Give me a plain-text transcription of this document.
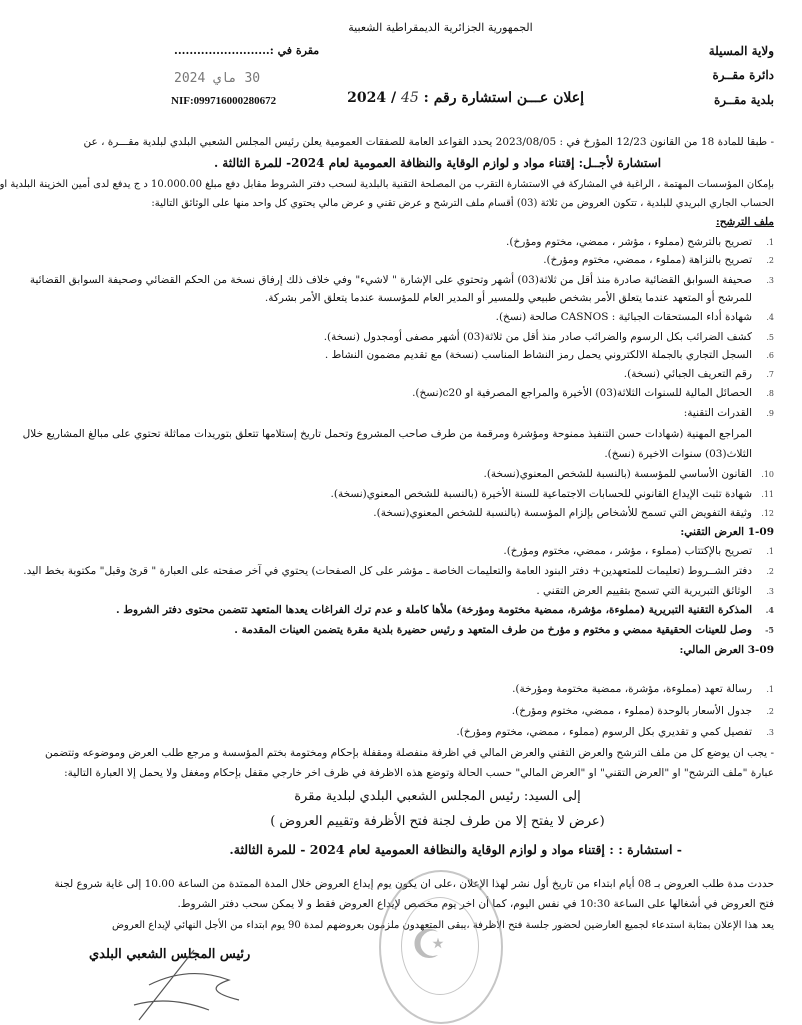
الجمهورية الجزائرية الديمقراطية الشعبية
ولاية المسيلة
دائرة مقــرة
بلدية مقــرة
مقرة في :.........................
30 ماي 2024
NIF:099716000280672	إعلان عـــن استشارة رقم : 45 / 2024
- طبقا للمادة 18 من القانون 12/23 المؤرخ في : 2023/08/05 يحدد القواعد العامة للصفقات العمومية يعلن رئيس المجلس الشعبي البلدي لبلدية مقـــرة ، عن
استشارة لأجــل: إقتناء مواد و لوازم الوقاية والنظافة العمومية لعام 2024- للمرة الثالثة .
بإمكان المؤسسات المهتمة ، الراغبة في المشاركة في الاستشارة التقرب من المصلحة التقنية بالبلدية لسحب دفتر الشروط مقابل دفع مبلغ 10.000.00 د ج يدفع لدى أمين الخزينة البلدية او
الحساب الجاري البريدي للبلدية ، تتكون العروض من ثلاثة (03) أقسام ملف الترشح و عرض تقني و عرض مالي يحتوي كل واحد منها على الوثائق التالية:
ملف الترشح:
1.تصريح بالترشح (مملوء ، مؤشر ، ممضي، مختوم ومؤرخ).
2.تصريح بالنزاهة (مملوء ، ممضي، مختوم ومؤرخ).
3.صحيفة السوابق القضائية صادرة منذ أقل من ثلاثة(03) أشهر وتحتوي على الإشارة " لاشيء" وفي خلاف ذلك إرفاق نسخة من الحكم القضائي وصحيفة السوابق القضائية
للمرشح أو المتعهد عندما يتعلق الأمر بشخص طبيعي وللمسير أو المدير العام للمؤسسة عندما يتعلق الأمر بشركة.
4.شهادة أداء المستحقات الجبائية : CASNOS صالحة (نسخ).
5.كشف الضرائب بكل الرسوم والضرائب صادر منذ أقل من ثلاثة(03) أشهر مصفى أومجدول (نسخة).
6.السجل التجاري بالجملة الالكتروني يحمل رمز النشاط المناسب (نسخة) مع تقديم مضمون النشاط .
7.رقم التعريف الجبائي (نسخة).
8.الحصائل المالية للسنوات الثلاثة(03) الأخيرة والمراجع المصرفية او c20(نسخ).
9.القدرات التقنية:
المراجع المهنية (شهادات حسن التنفيذ ممنوحة ومؤشرة ومرقمة من طرف صاحب المشروع وتحمل تاريخ إستلامها تتعلق بتوريدات مماثلة تحتوي على مبالغ المشاريع خلال
الثلاث(03) سنوات الاخيرة (نسخ).
10.القانون الأساسي للمؤسسة (بالنسبة للشخص المعنوي(نسخة).
11.شهادة تثبت الإيداع القانوني للحسابات الاجتماعية للسنة الأخيرة (بالنسبة للشخص المعنوي(نسخة).
12.وثيقة التفويض التي تسمح للأشخاص بإلزام المؤسسة (بالنسبة للشخص المعنوي(نسخة).
1-09 العرض التقني:
1.تصريح بالإكتتاب (مملوء ، مؤشر ، ممضي، مختوم ومؤرخ).
2.دفتر الشــروط (تعليمات للمتعهدين+ دفتر البنود العامة والتعليمات الخاصة ـ مؤشر على كل الصفحات) يحتوي في آخر صفحته على العبارة " قرئ وقبل" مكتوبة بخط اليد.
3.الوثائق التبريرية التي تسمح بتقييم العرض التقني .
4.المذكرة التقنية التبريرية (مملوءة، مؤشرة، ممضية مختومة ومؤرخة) ملأها كاملة و عدم ترك الفراغات يعدها المتعهد تتضمن محتوى دفتر الشروط .
5-وصل للعينات الحقيقية ممضي و مختوم و مؤرخ من طرف المتعهد و رئيس حضيرة بلدية مقرة يتضمن العينات المقدمة .
3-09 العرض المالي:
1.رسالة تعهد (مملوءة، مؤشرة، ممضية مختومة ومؤرخة).
2.جدول الأسعار بالوحدة (مملوء ، ممضي، مختوم ومؤرخ).
3.تفصيل كمي و تقديري بكل الرسوم (مملوء ، ممضي، مختوم ومؤرخ).
- يجب ان يوضع كل من ملف الترشح والعرض التقني والعرض المالي في اظرفة منفصلة ومقفلة بإحكام ومختومة بختم المؤسسة و مرجع طلب العرض وموضوعه وتتضمن
عبارة "ملف الترشح" او "العرض التقني" او "العرض المالي" حسب الحالة وتوضع هذه الاظرفة في ظرف اخر خارجي مقفل بإحكام ومغفل ولا يحمل إلا العبارة التالية:
إلى السيد: رئيس المجلس الشعبي البلدي لبلدية مقرة
(عرض لا يفتح إلا من طرف لجنة فتح الأظرفة وتقييم العروض )
- استشارة : : إقتناء مواد و لوازم الوقاية والنظافة العمومية لعام 2024 - للمرة الثالثة.
حددت مدة طلب العروض بـ 08 أيام ابتداء من تاريخ أول نشر لهذا الإعلان ،على ان يكون يوم إيداع العروض خلال المدة الممتدة من الساعة 10.00 إلى غاية شروع لجنة
فتح العروض في أشغالها على الساعة 10:30 في نفس اليوم، كما أن اخر يوم مخصص لإيداع العروض فقط و لا يمكن سحب دفتر الشروط.
يعد هذا الإعلان بمثابة استدعاء لجميع العارضين لحضور جلسة فتح الاظرفة ،يبقى المتعهدون ملزمون بعروضهم لمدة 90 يوم ابتداء من الأجل النهائي لإيداع العروض
☪
رئيس المجلس الشعبي البلدي
